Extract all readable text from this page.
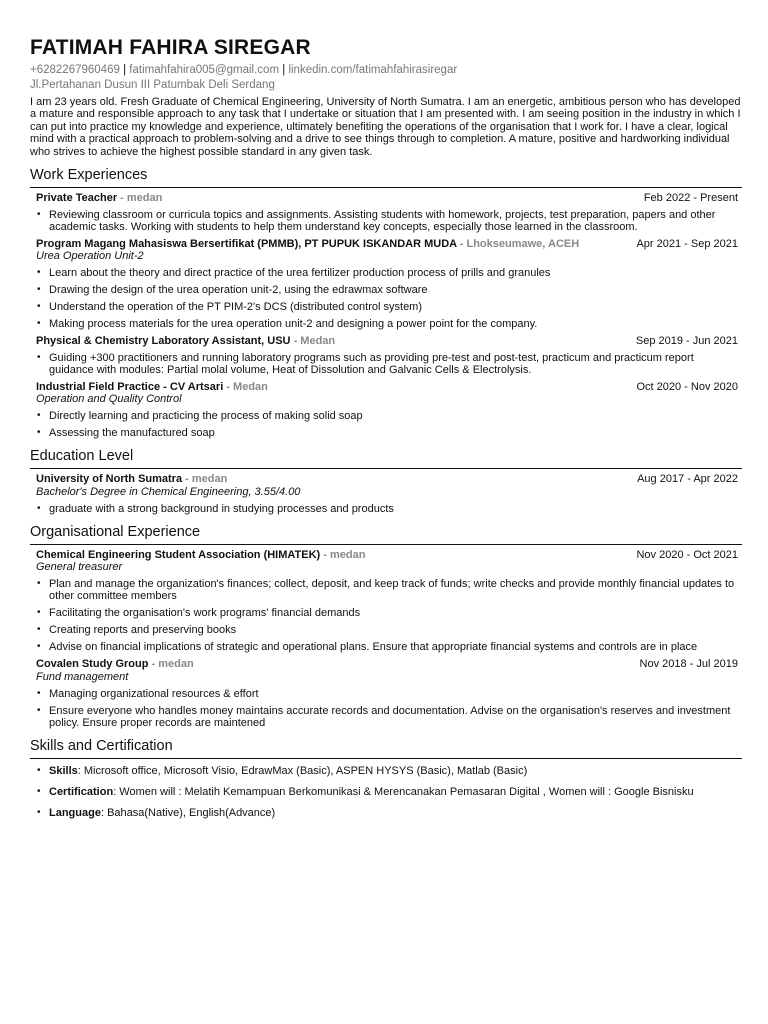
FATIMAH FAHIRA SIREGAR
+6282267960469 | fatimahfahira005@gmail.com | linkedin.com/fatimahfahirasiregar
Jl.Pertahanan Dusun III Patumbak Deli Serdang
I am 23 years old. Fresh Graduate of Chemical Engineering, University of North Sumatra. I am an energetic, ambitious person who has developed a mature and responsible approach to any task that I undertake or situation that I am presented with. I am seeing position in the industry in which I can put into practice my knowledge and experience, ultimately benefiting the operations of the organisation that I work for. I have a clear, logical mind with a practical approach to problem-solving and a drive to see things through to completion. A mature, positive and hardworking individual who strives to achieve the highest possible standard in any given task.
Work Experiences
Private Teacher - medan	Feb 2022 - Present
• Reviewing classroom or curricula topics and assignments. Assisting students with homework, projects, test preparation, papers and other academic tasks. Working with students to help them understand key concepts, especially those learned in the classroom.
Program Magang Mahasiswa Bersertifikat (PMMB), PT PUPUK ISKANDAR MUDA - Lhokseumawe, ACEH	Apr 2021 - Sep 2021
Urea Operation Unit-2
• Learn about the theory and direct practice of the urea fertilizer production process of prills and granules
• Drawing the design of the urea operation unit-2, using the edrawmax software
• Understand the operation of the PT PIM-2's DCS (distributed control system)
• Making process materials for the urea operation unit-2 and designing a power point for the company.
Physical & Chemistry Laboratory Assistant, USU - Medan	Sep 2019 - Jun 2021
• Guiding +300 practitioners and running laboratory programs such as providing pre-test and post-test, practicum and practicum report guidance with modules: Partial molal volume, Heat of Dissolution and Galvanic Cells & Electrolysis.
Industrial Field Practice - CV Artsari - Medan	Oct 2020 - Nov 2020
Operation and Quality Control
• Directly learning and practicing the process of making solid soap
• Assessing the manufactured soap
Education Level
University of North Sumatra - medan	Aug 2017 - Apr 2022
Bachelor's Degree in Chemical Engineering, 3.55/4.00
• graduate with a strong background in studying processes and products
Organisational Experience
Chemical Engineering Student Association (HIMATEK) - medan	Nov 2020 - Oct 2021
General treasurer
• Plan and manage the organization's finances; collect, deposit, and keep track of funds; write checks and provide monthly financial updates to other committee members
• Facilitating the organisation's work programs' financial demands
• Creating reports and preserving books
• Advise on financial implications of strategic and operational plans. Ensure that appropriate financial systems and controls are in place
Covalen Study Group - medan	Nov 2018 - Jul 2019
Fund management
• Managing organizational resources & effort
• Ensure everyone who handles money maintains accurate records and documentation. Advise on the organisation's reserves and investment policy. Ensure proper records are maintened
Skills and Certification
• Skills: Microsoft office, Microsoft Visio, EdrawMax (Basic), ASPEN HYSYS (Basic), Matlab (Basic)
• Certification: Women will : Melatih Kemampuan Berkomunikasi & Merencanakan Pemasaran Digital , Women will : Google Bisnisku
• Language: Bahasa(Native), English(Advance)
